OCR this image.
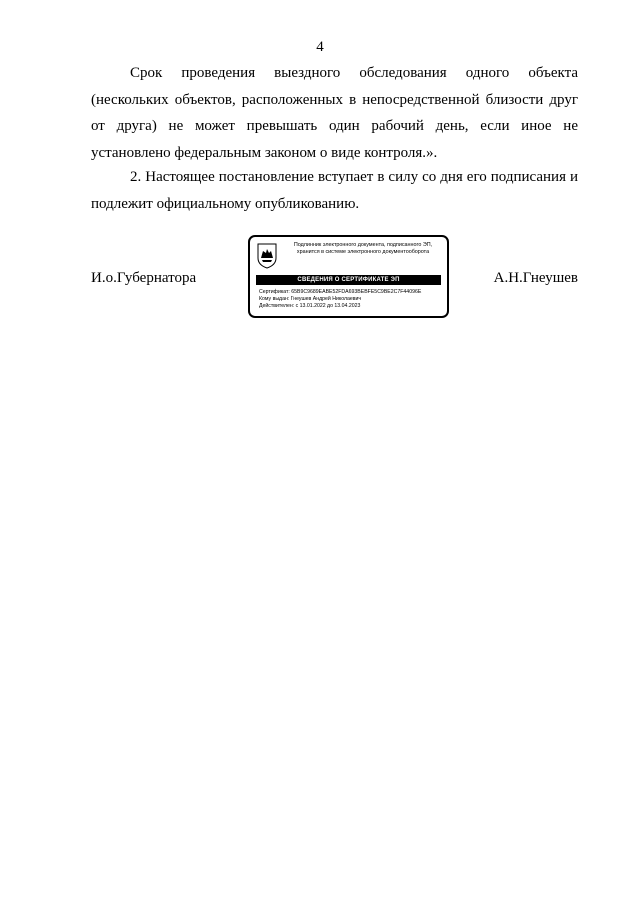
4

Срок проведения выездного обследования одного объекта (нескольких объектов, расположенных в непосредственной близости друг от друга) не может превышать один рабочий день, если иное не установлено федеральным законом о виде контроля.».

2. Настоящее постановление вступает в силу со дня его подписания и подлежит официальному опубликованию.

И.о.Губернатора
Подлинник электронного документа, подписанного ЭП,
хранится в системе электронного документооборота
СВЕДЕНИЯ О СЕРТИФИКАТЕ ЭП
Сертификат: 65B9C9689EABE52FDA693BEBFE5C9BE2C7F44096E
Кому выдан: Гнеушев Андрей Николаевич
Действителен: с 13.01.2022 до 13.04.2023
А.Н.Гнеушев
